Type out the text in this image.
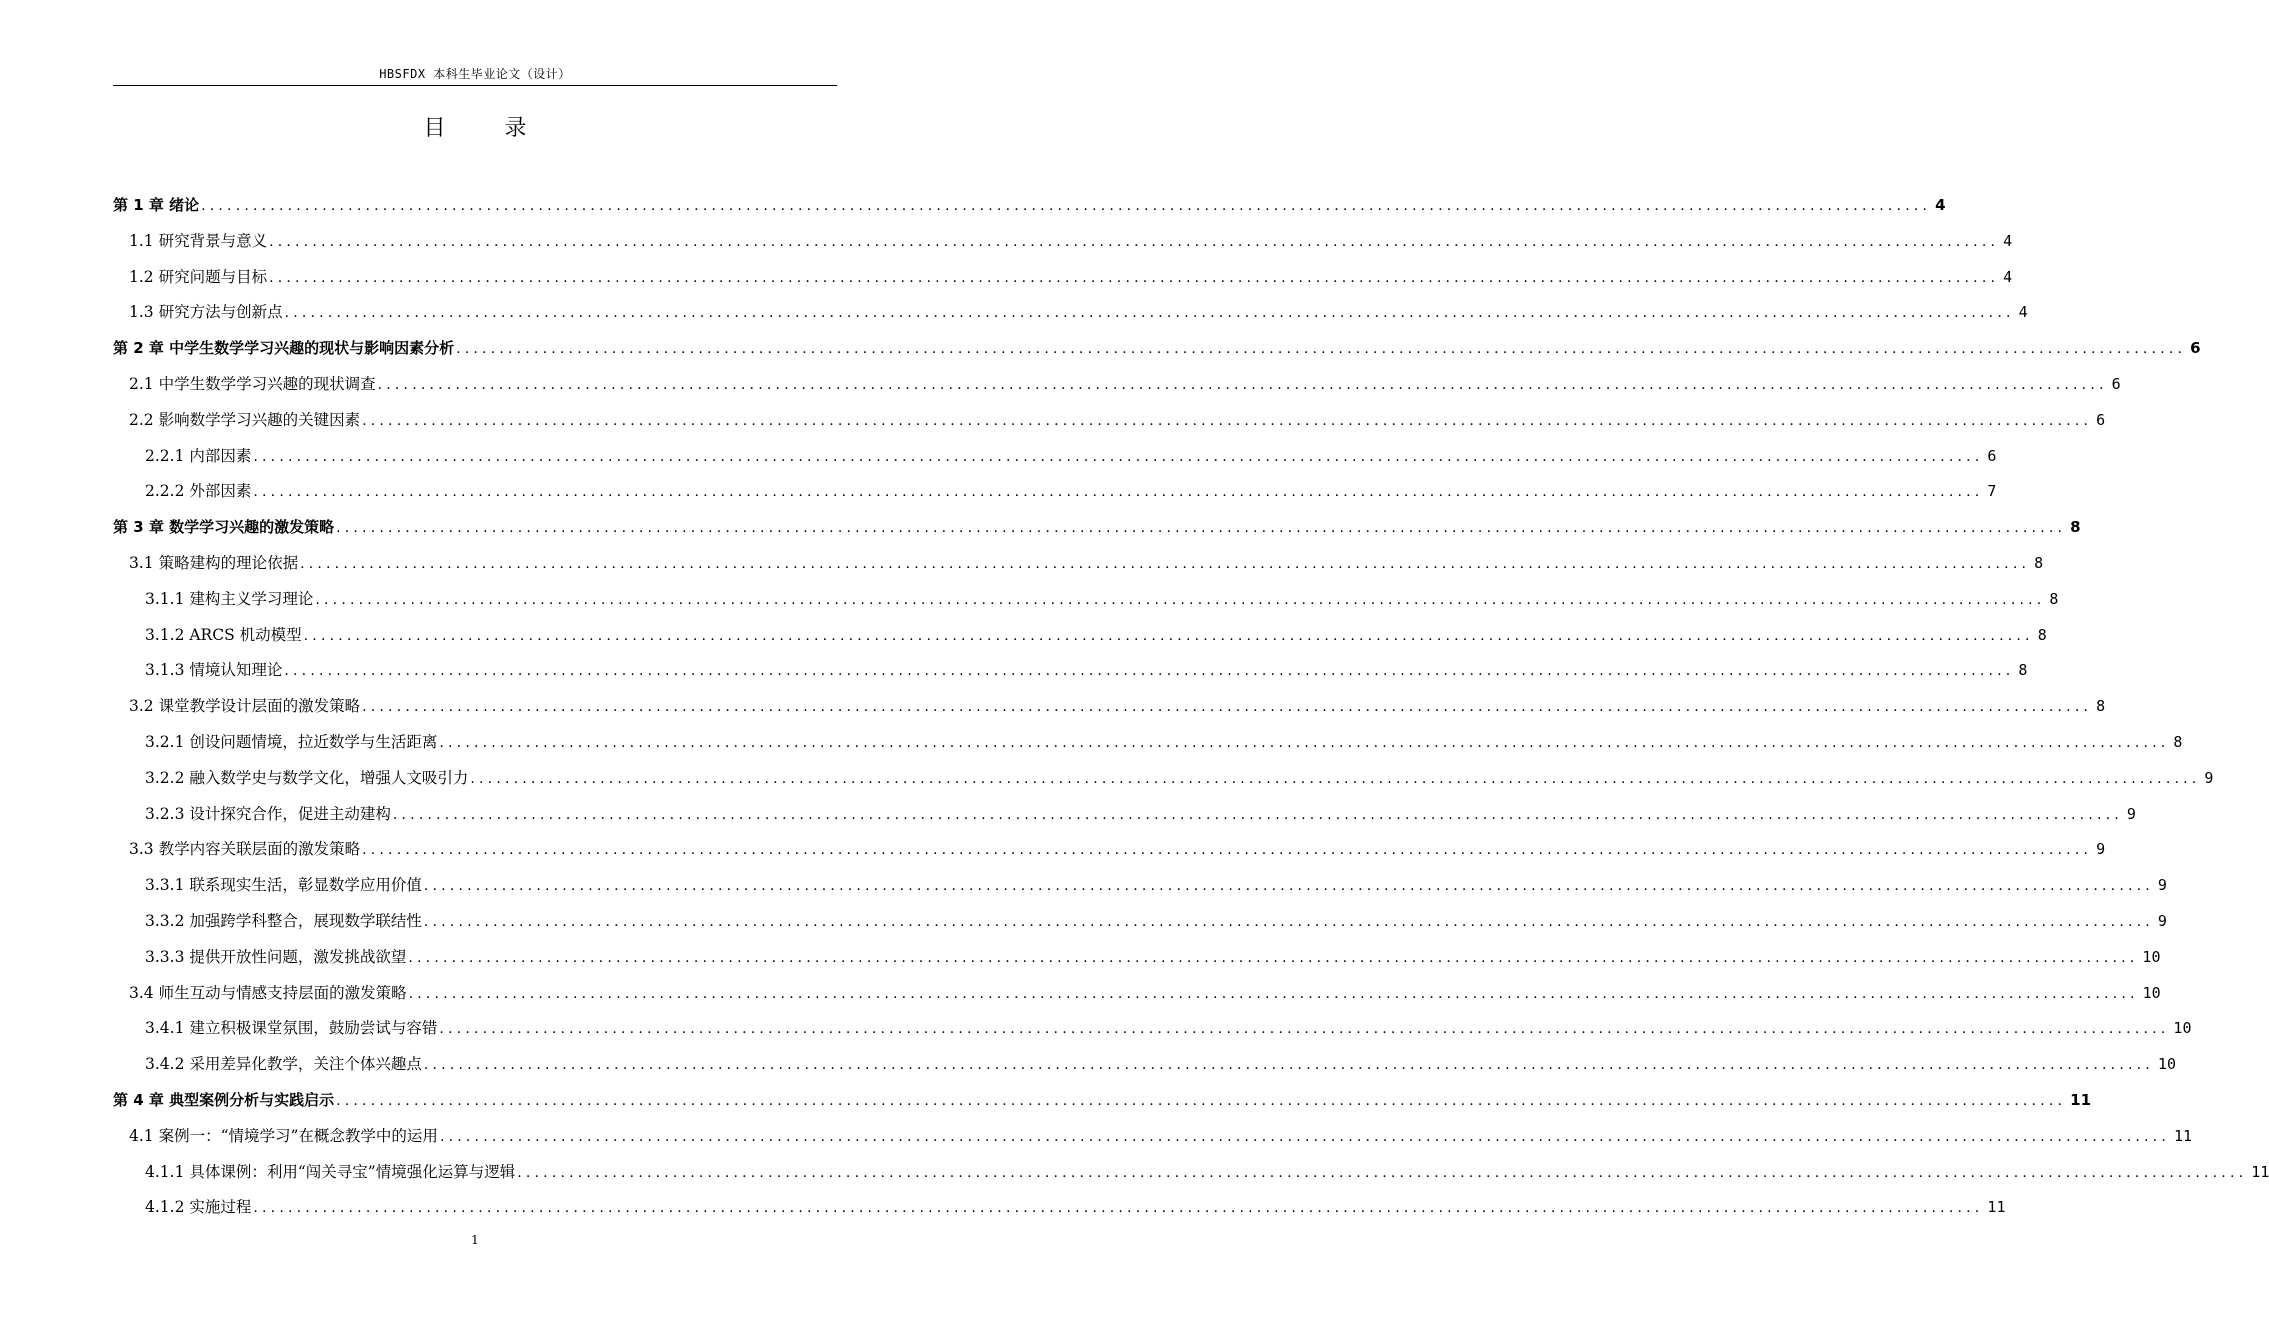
HBSFDX 本科生毕业论文（设计）
目 录
第 1 章 绪论 ........................................................................................................................................................................................................ 4
1.1 研究背景与意义 ........................................................................................................................................................................................................ 4
1.2 研究问题与目标 ........................................................................................................................................................................................................ 4
1.3 研究方法与创新点 ........................................................................................................................................................................................................ 4
第 2 章 中学生数学学习兴趣的现状与影响因素分析 ........................................................................................................................................................................................................ 6
2.1 中学生数学学习兴趣的现状调查 ........................................................................................................................................................................................................ 6
2.2 影响数学学习兴趣的关键因素 ........................................................................................................................................................................................................ 6
2.2.1 内部因素 ........................................................................................................................................................................................................ 6
2.2.2 外部因素 ........................................................................................................................................................................................................ 7
第 3 章 数学学习兴趣的激发策略 ........................................................................................................................................................................................................ 8
3.1 策略建构的理论依据 ........................................................................................................................................................................................................ 8
3.1.1 建构主义学习理论 ........................................................................................................................................................................................................ 8
3.1.2 ARCS 机动模型 ........................................................................................................................................................................................................ 8
3.1.3 情境认知理论 ........................................................................................................................................................................................................ 8
3.2 课堂教学设计层面的激发策略 ........................................................................................................................................................................................................ 8
3.2.1 创设问题情境，拉近数学与生活距离 ........................................................................................................................................................................................................ 8
3.2.2 融入数学史与数学文化，增强人文吸引力 ........................................................................................................................................................................................................ 9
3.2.3 设计探究合作，促进主动建构 ........................................................................................................................................................................................................ 9
3.3 教学内容关联层面的激发策略 ........................................................................................................................................................................................................ 9
3.3.1 联系现实生活，彰显数学应用价值 ........................................................................................................................................................................................................ 9
3.3.2 加强跨学科整合，展现数学联结性 ........................................................................................................................................................................................................ 9
3.3.3 提供开放性问题，激发挑战欲望 ........................................................................................................................................................................................................ 10
3.4 师生互动与情感支持层面的激发策略 ........................................................................................................................................................................................................ 10
3.4.1 建立积极课堂氛围，鼓励尝试与容错 ........................................................................................................................................................................................................ 10
3.4.2 采用差异化教学，关注个体兴趣点 ........................................................................................................................................................................................................ 10
第 4 章 典型案例分析与实践启示 ........................................................................................................................................................................................................ 11
4.1 案例一：“情境学习”在概念教学中的运用 ........................................................................................................................................................................................................ 11
4.1.1 具体课例：利用“闯关寻宝”情境强化运算与逻辑 ........................................................................................................................................................................................................ 11
4.1.2 实施过程 ........................................................................................................................................................................................................ 11
1
